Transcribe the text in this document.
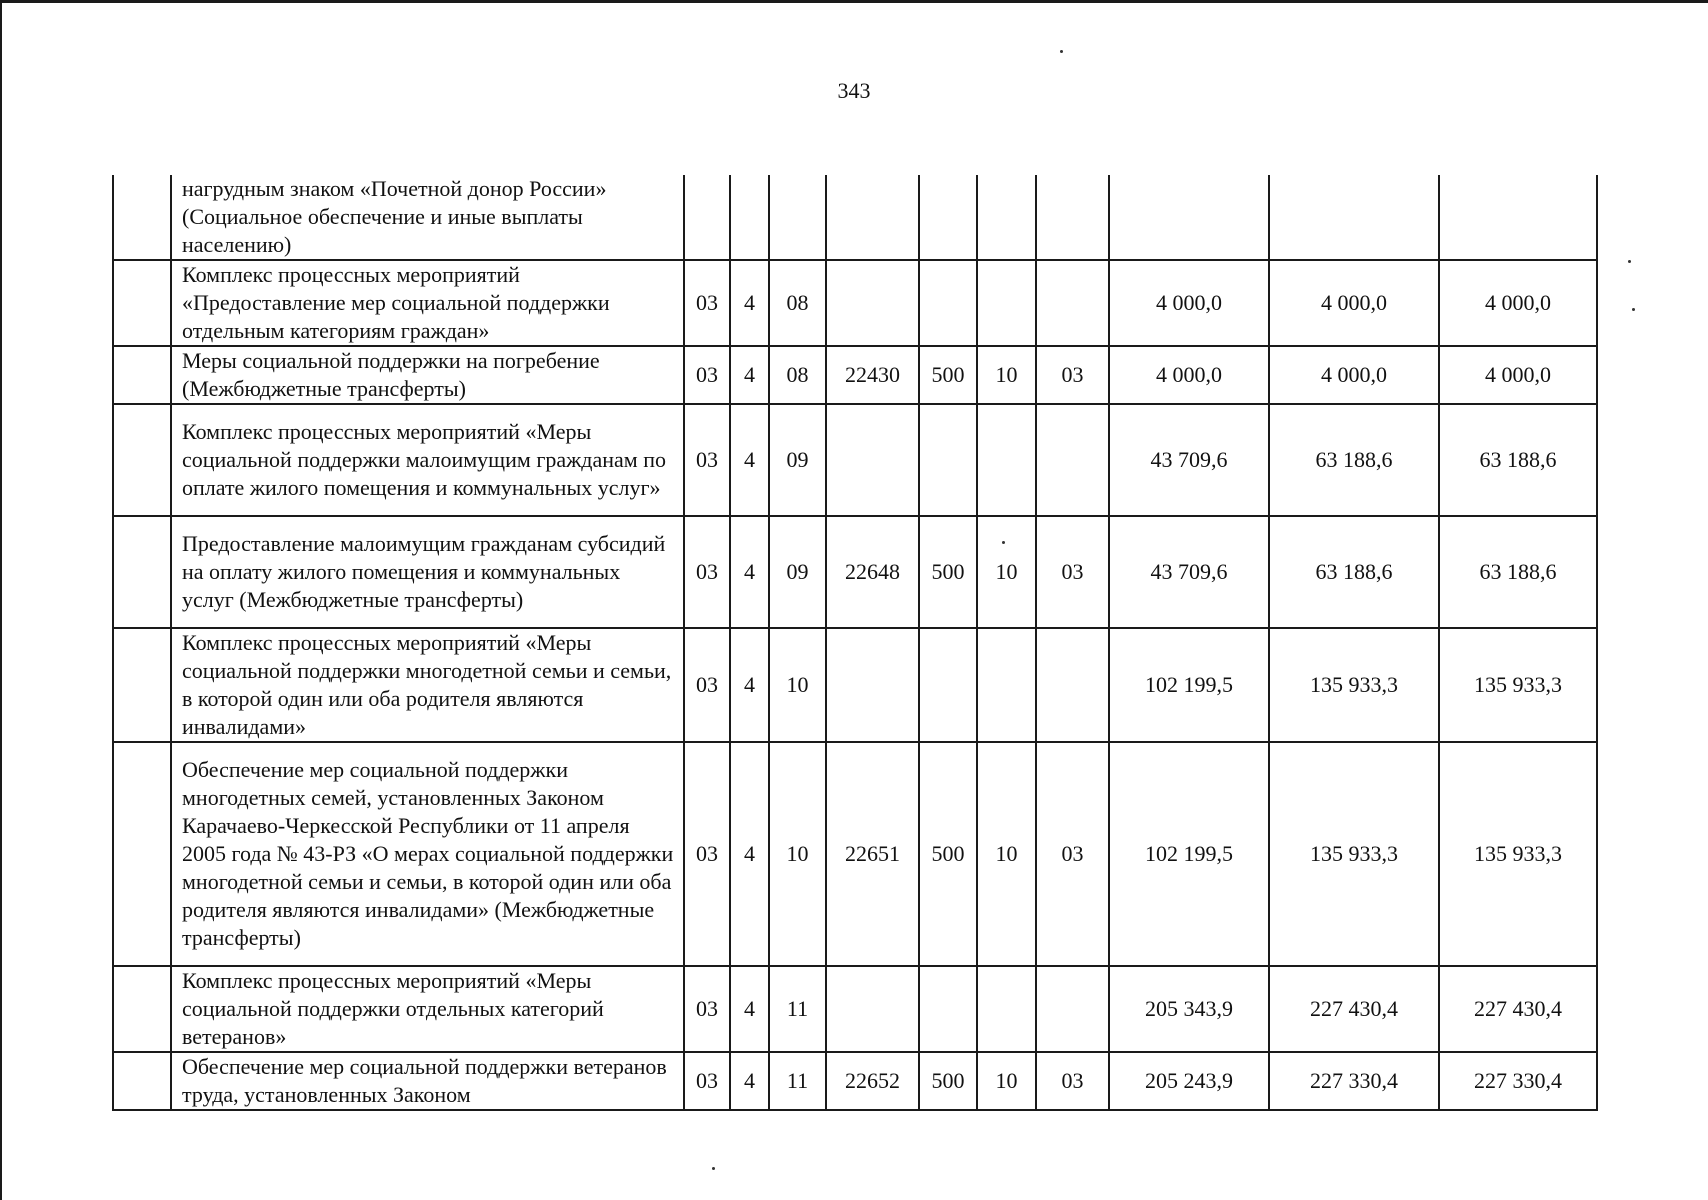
343
	нагрудным знаком «Почетной донор России» (Социальное обеспечение и иные выплаты населению)										
	Комплекс процессных мероприятий «Предоставление мер социальной поддержки отдельным категориям граждан»	03	4	08					4 000,0	4 000,0	4 000,0
	Меры социальной поддержки на погребение (Межбюджетные трансферты)	03	4	08	22430	500	10	03	4 000,0	4 000,0	4 000,0
	Комплекс процессных мероприятий «Меры социальной поддержки малоимущим гражданам по оплате жилого помещения и коммунальных услуг»	03	4	09					43 709,6	63 188,6	63 188,6
	Предоставление малоимущим гражданам субсидий на оплату жилого помещения и коммунальных услуг (Межбюджетные трансферты)	03	4	09	22648	500	10	03	43 709,6	63 188,6	63 188,6
	Комплекс процессных мероприятий «Меры социальной поддержки многодетной семьи и семьи, в которой один или оба родителя являются инвалидами»	03	4	10					102 199,5	135 933,3	135 933,3
	Обеспечение мер социальной поддержки многодетных семей, установленных Законом Карачаево-Черкесской Республики от 11 апреля 2005 года № 43-РЗ «О мерах социальной поддержки многодетной семьи и семьи, в которой один или оба родителя являются инвалидами» (Межбюджетные трансферты)	03	4	10	22651	500	10	03	102 199,5	135 933,3	135 933,3
	Комплекс процессных мероприятий «Меры социальной поддержки отдельных категорий ветеранов»	03	4	11					205 343,9	227 430,4	227 430,4
	Обеспечение мер социальной поддержки ветеранов труда, установленных Законом	03	4	11	22652	500	10	03	205 243,9	227 330,4	227 330,4
